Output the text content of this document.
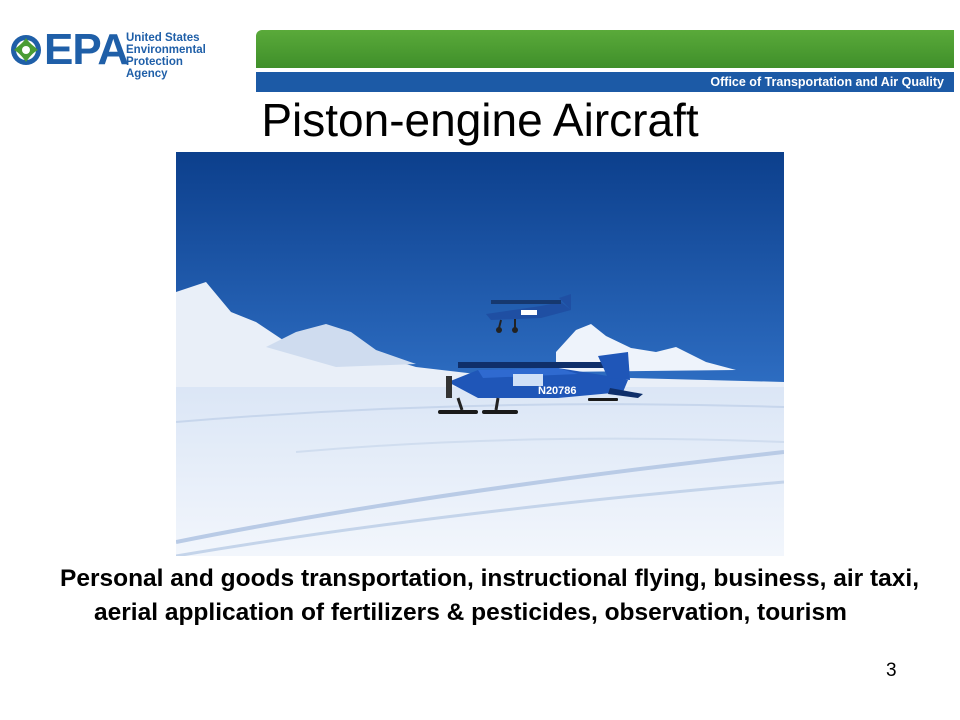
EPA
United States
Environmental Protection
Agency
Office of Transportation and Air Quality
Piston-engine Aircraft
N20786
Personal and goods transportation, instructional flying, business, air taxi, aerial application of fertilizers & pesticides, observation, tourism
3
